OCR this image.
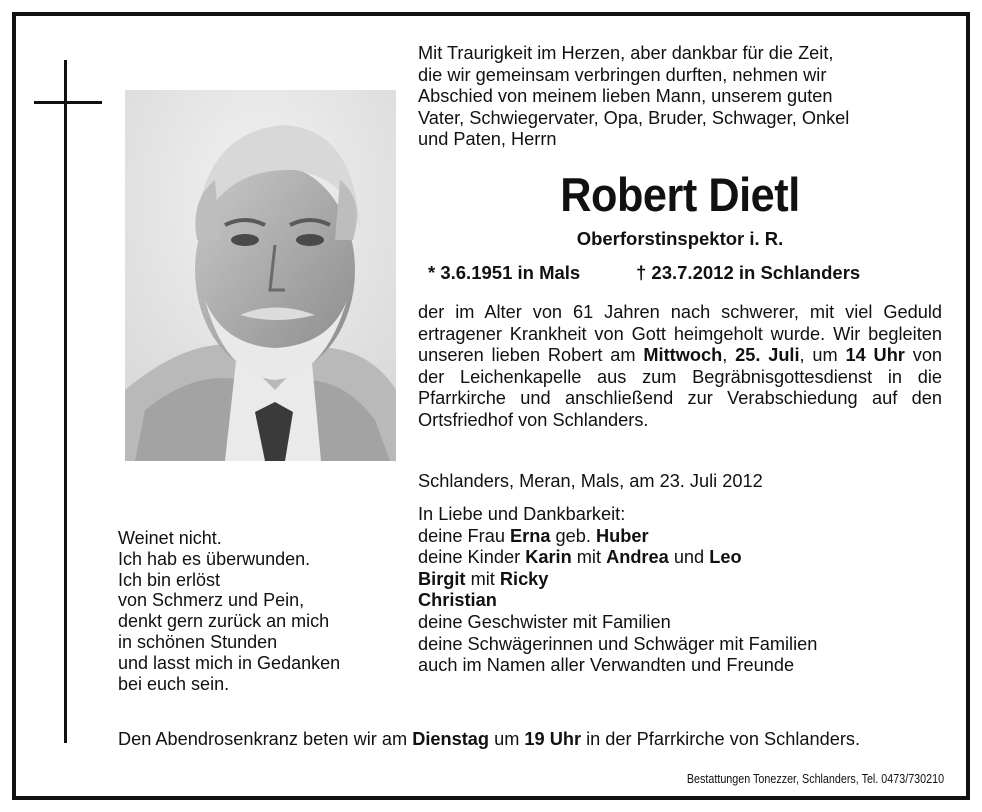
Mit Traurigkeit im Herzen, aber dankbar für die Zeit,
die wir gemeinsam verbringen durften, nehmen wir
Abschied von meinem lieben Mann, unserem guten
Vater, Schwiegervater, Opa, Bruder, Schwager, Onkel
und Paten, Herrn
Robert Dietl
Oberforstinspektor i. R.
* 3.6.1951 in Mals	† 23.7.2012 in Schlanders
der im Alter von 61 Jahren nach schwerer, mit viel Geduld ertragener Krankheit von Gott heimgeholt wurde. Wir begleiten unseren lieben Robert am Mittwoch, 25. Juli, um 14 Uhr von der Leichenkapelle aus zum Begräbnisgottesdienst in die Pfarrkirche und anschließend zur Verabschiedung auf den Ortsfriedhof von Schlanders.
Schlanders, Meran, Mals, am 23. Juli 2012
In Liebe und Dankbarkeit:
deine Frau Erna geb. Huber
deine Kinder Karin mit Andrea und Leo
Birgit mit Ricky
Christian
deine Geschwister mit Familien
deine Schwägerinnen und Schwäger mit Familien
auch im Namen aller Verwandten und Freunde
Weinet nicht.
Ich hab es überwunden.
Ich bin erlöst
von Schmerz und Pein,
denkt gern zurück an mich
in schönen Stunden
und lasst mich in Gedanken
bei euch sein.
Den Abendrosenkranz beten wir am Dienstag um 19 Uhr in der Pfarrkirche von Schlanders.
Bestattungen Tonezzer, Schlanders, Tel. 0473/730210
